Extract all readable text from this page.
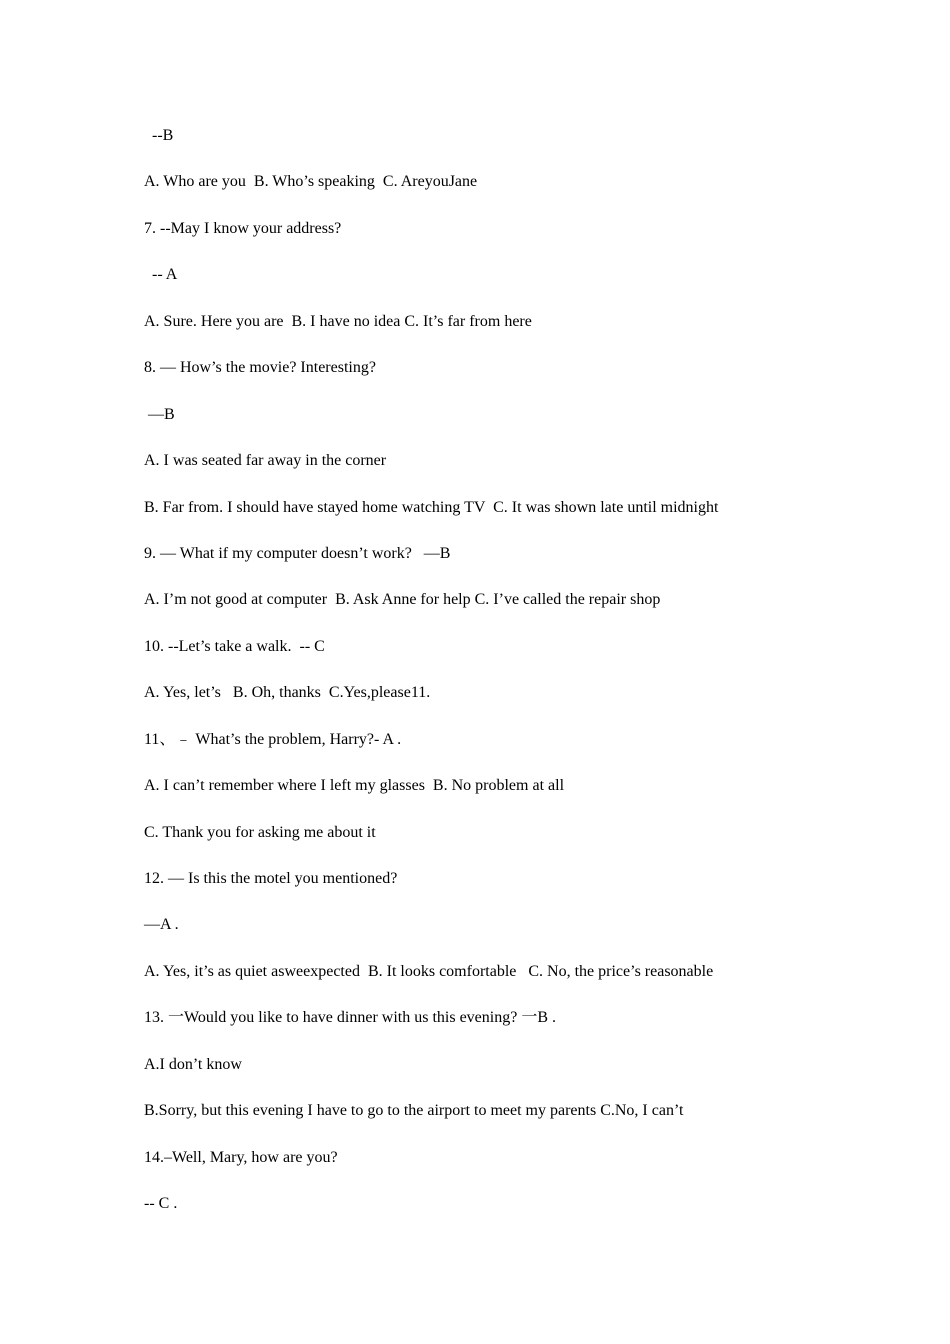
--B

A. Who are you  B. Who’s speaking  C. AreyouJane

7. --May I know your address?

-- A

A. Sure. Here you are  B. I have no idea C. It’s far from here

8. — How’s the movie? Interesting?

—B

A. I was seated far away in the corner

B. Far from. I should have stayed home watching TV  C. It was shown late until midnight

9. — What if my computer doesn’t work?   —B

A. I’m not good at computer  B. Ask Anne for help C. I’ve called the repair shop

10. --Let’s take a walk.  -- C

A. Yes, let’s   B. Oh, thanks  C.Yes,please11.

11、﹣ What’s the problem, Harry?- A .

A. I can’t remember where I left my glasses  B. No problem at all

C. Thank you for asking me about it

12. — Is this the motel you mentioned?

—A .

A. Yes, it’s as quiet asweexpected  B. It looks comfortable   C. No, the price’s reasonable

13. 一Would you like to have dinner with us this evening? 一B .

A.I don’t know

B.Sorry, but this evening I have to go to the airport to meet my parents C.No, I can’t

14.–Well, Mary, how are you?

-- C .
